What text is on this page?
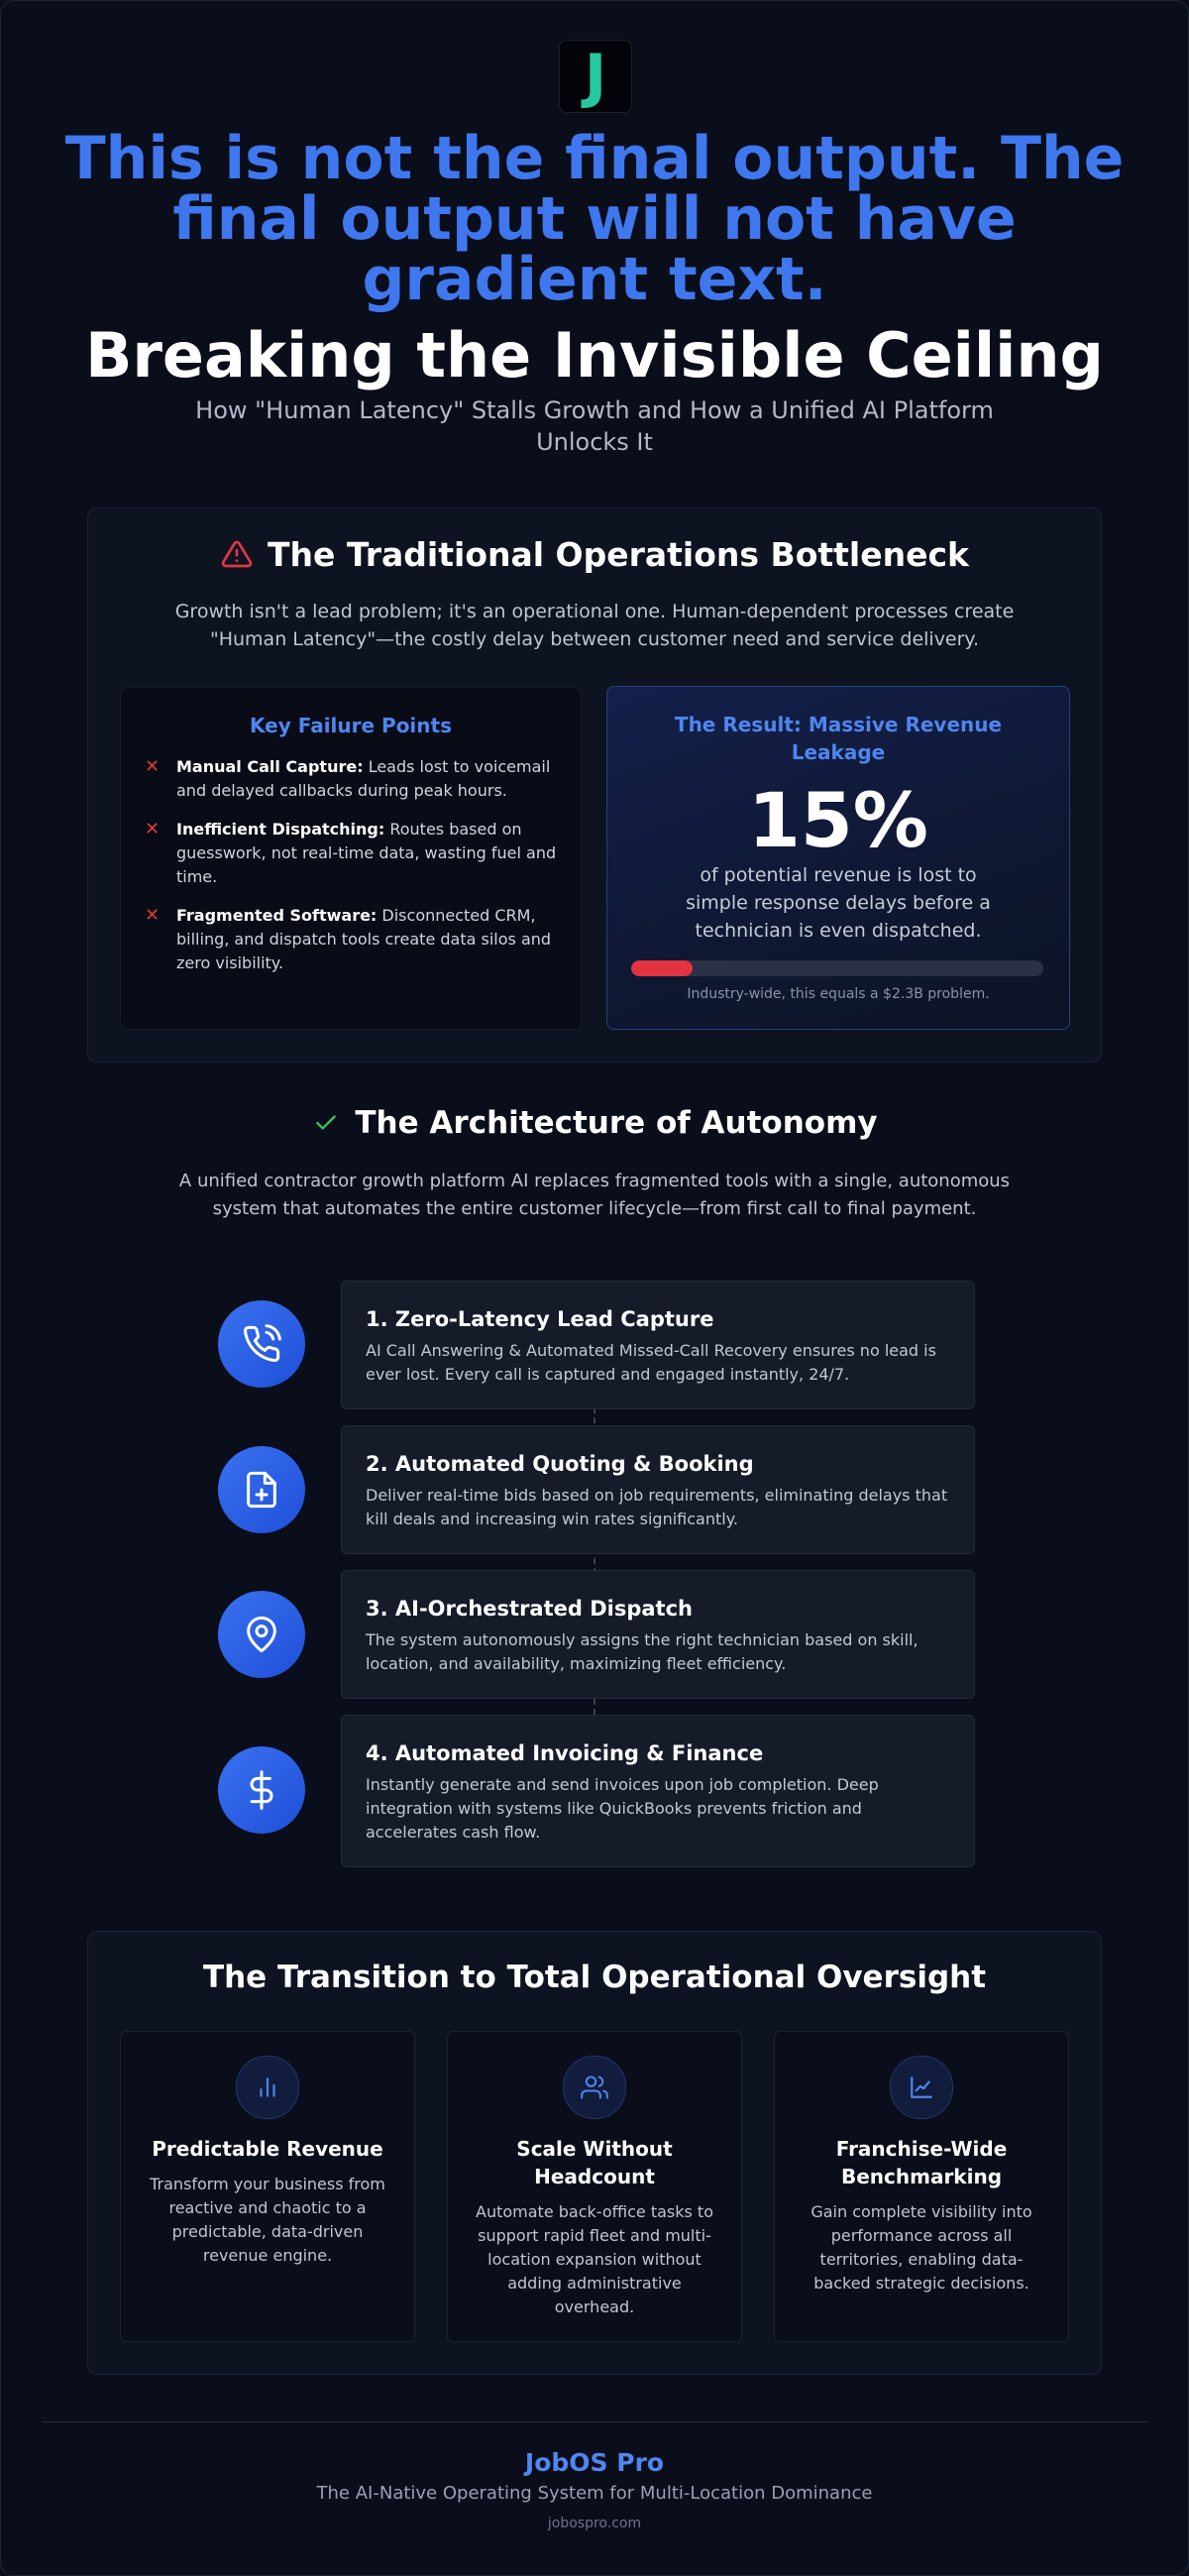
J
This is not the final output. The final output will not have gradient text.
Breaking the Invisible Ceiling
How "Human Latency" Stalls Growth and How a Unified AI Platform Unlocks It
The Traditional Operations Bottleneck
Growth isn't a lead problem; it's an operational one. Human-dependent processes create "Human Latency"—the costly delay between customer need and service delivery.
Key Failure Points
✕ Manual Call Capture: Leads lost to voicemail and delayed callbacks during peak hours.
✕ Inefficient Dispatching: Routes based on guesswork, not real-time data, wasting fuel and time.
✕ Fragmented Software: Disconnected CRM, billing, and dispatch tools create data silos and zero visibility.
The Result: Massive Revenue Leakage
15%
of potential revenue is lost to simple response delays before a technician is even dispatched.
Industry-wide, this equals a $2.3B problem.
The Architecture of Autonomy
A unified contractor growth platform AI replaces fragmented tools with a single, autonomous system that automates the entire customer lifecycle—from first call to final payment.
1. Zero-Latency Lead Capture

AI Call Answering & Automated Missed-Call Recovery ensures no lead is ever lost. Every call is captured and engaged instantly, 24/7.

2. Automated Quoting & Booking

Deliver real-time bids based on job requirements, eliminating delays that kill deals and increasing win rates significantly.

3. AI-Orchestrated Dispatch

The system autonomously assigns the right technician based on skill, location, and availability, maximizing fleet efficiency.

4. Automated Invoicing & Finance

Instantly generate and send invoices upon job completion. Deep integration with systems like QuickBooks prevents friction and accelerates cash flow.

The Transition to Total Operational Oversight
Predictable Revenue

Transform your business from reactive and chaotic to a predictable, data-driven revenue engine.

Scale Without Headcount

Automate back-office tasks to support rapid fleet and multi-location expansion without adding administrative overhead.

Franchise-Wide Benchmarking

Gain complete visibility into performance across all territories, enabling data-backed strategic decisions.

JobOS Pro
The AI-Native Operating System for Multi-Location Dominance
jobospro.com
